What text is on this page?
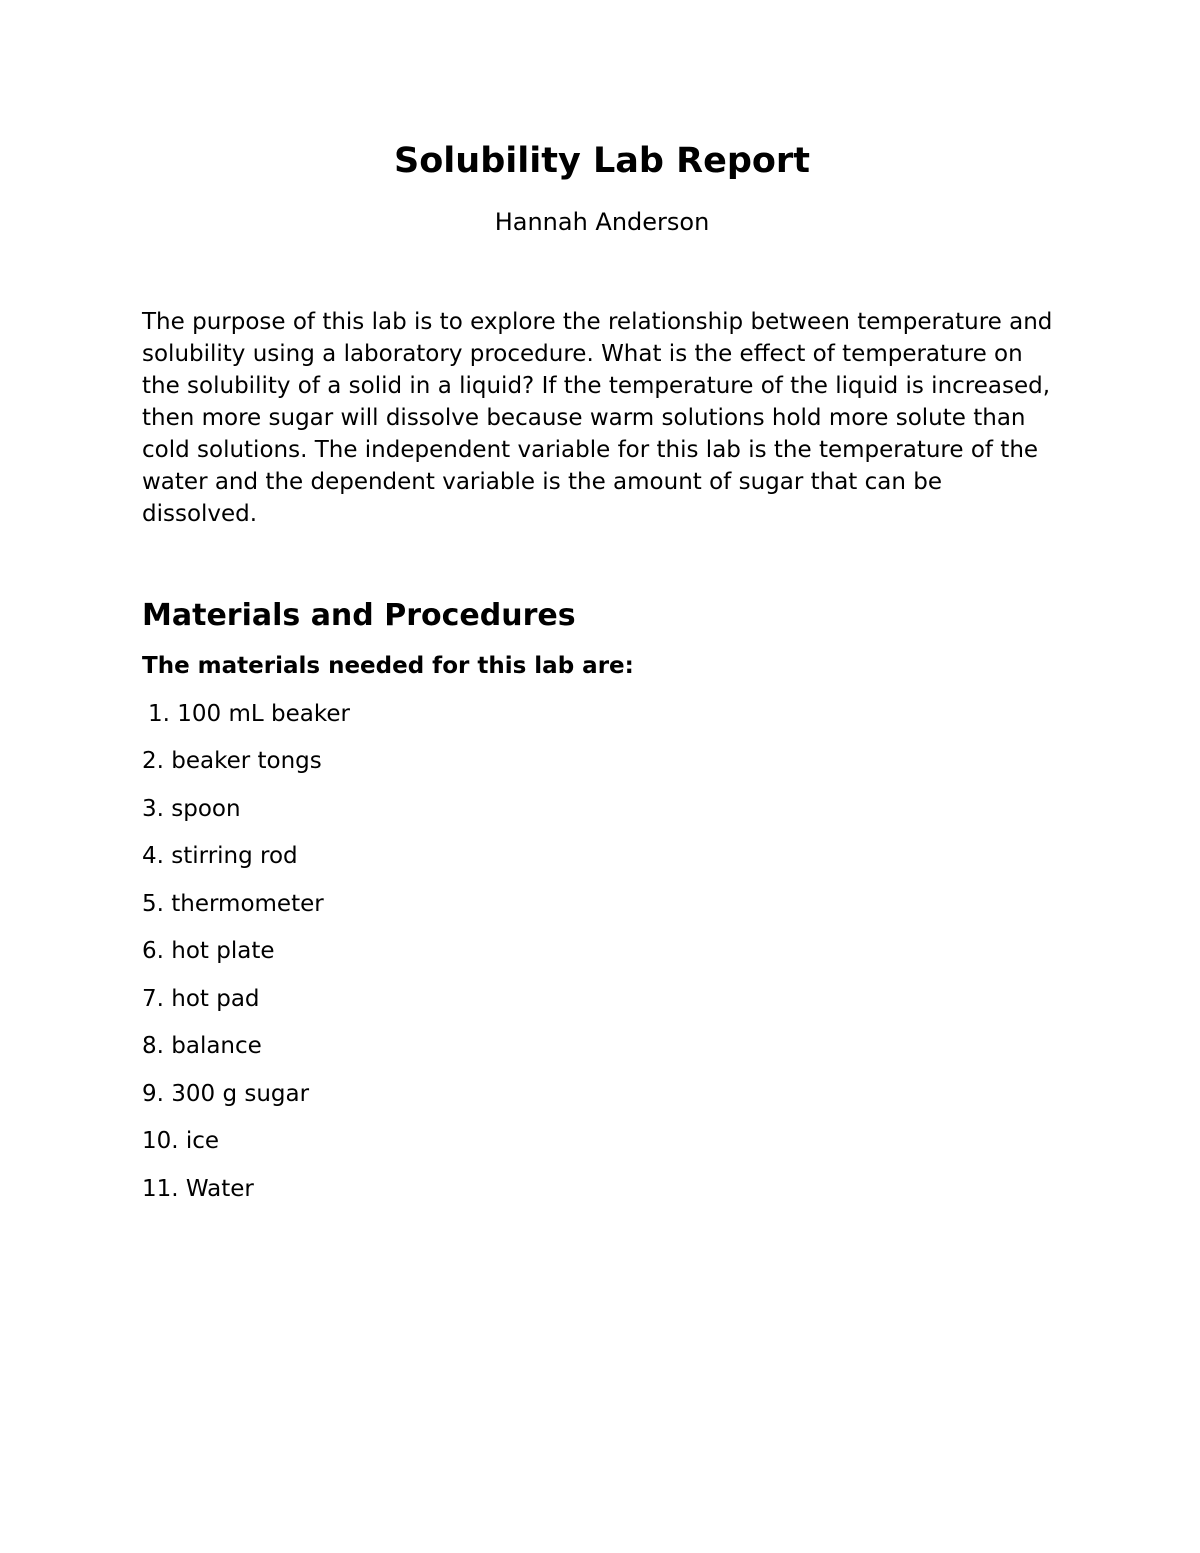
Solubility Lab Report

Hannah Anderson

The purpose of this lab is to explore the relationship between temperature and solubility using a laboratory procedure. What is the effect of temperature on the solubility of a solid in a liquid? If the temperature of the liquid is increased, then more sugar will dissolve because warm solutions hold more solute than cold solutions. The independent variable for this lab is the temperature of the water and the dependent variable is the amount of sugar that can be dissolved.

Materials and Procedures

The materials needed for this lab are:

1. 100 mL beaker
2. beaker tongs
3. spoon
4. stirring rod
5. thermometer
6. hot plate
7. hot pad
8. balance
9. 300 g sugar
10. ice
11. Water
